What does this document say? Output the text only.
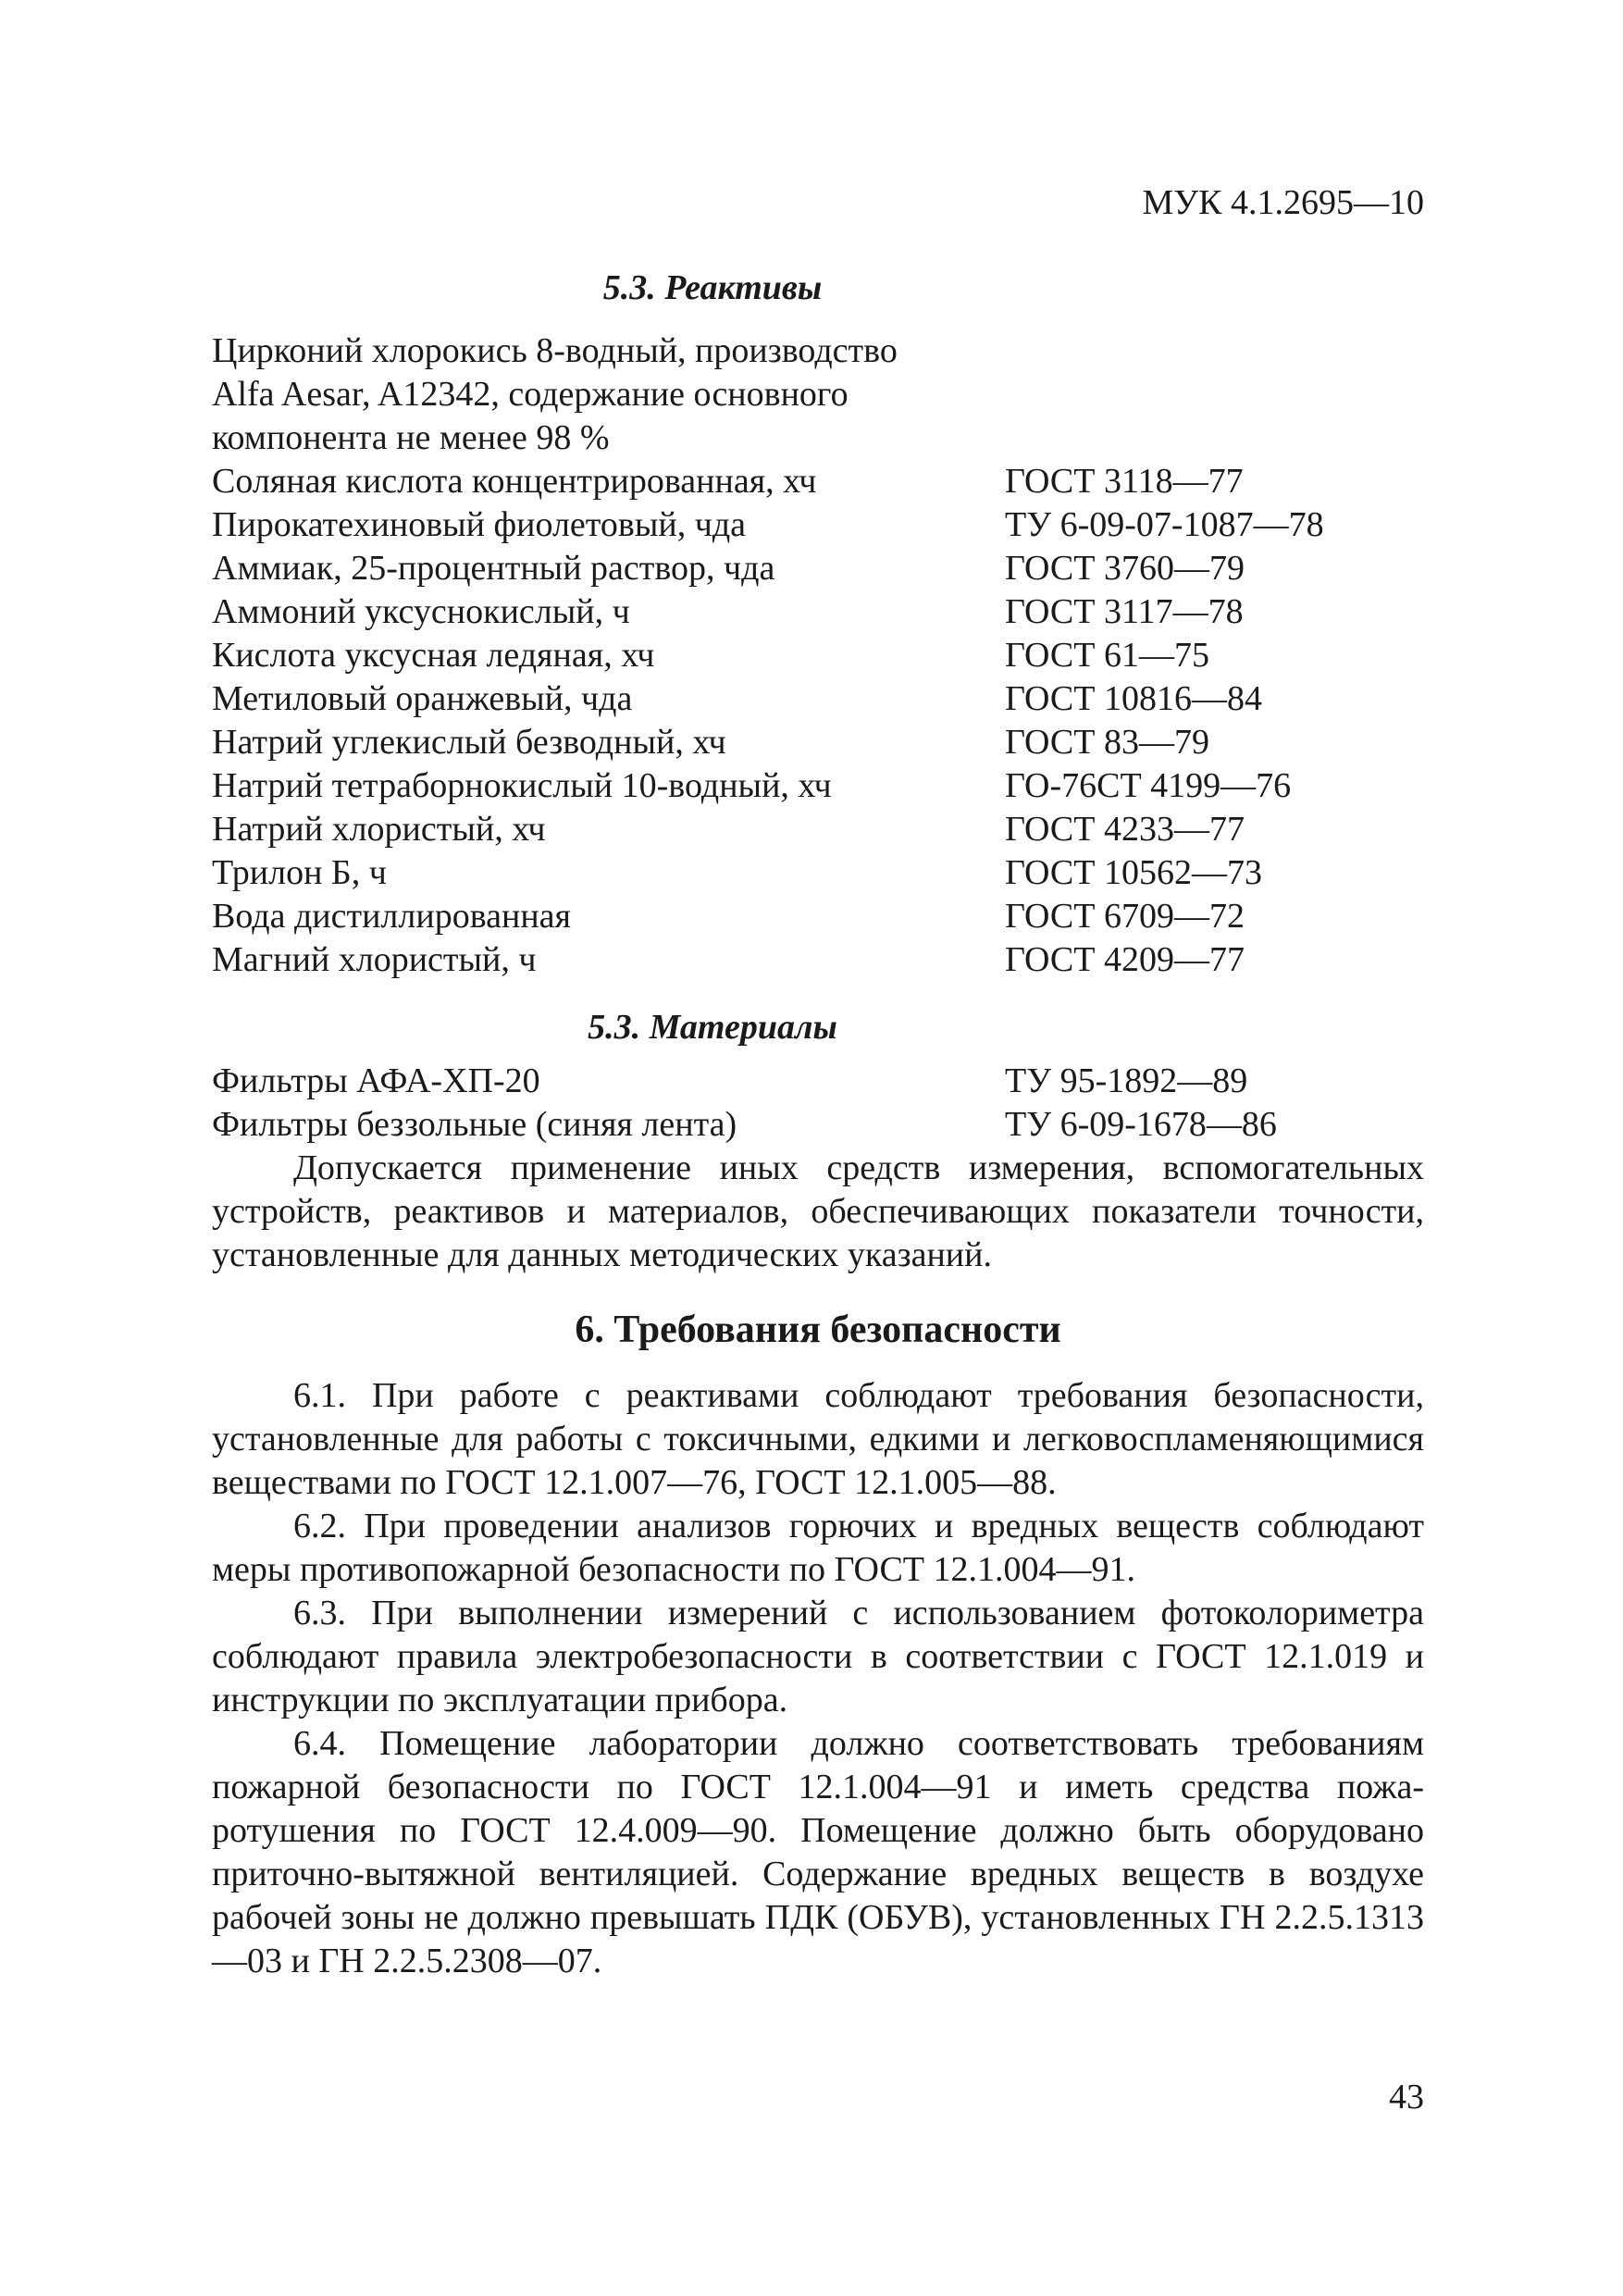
МУК 4.1.2695—10
5.3. Реактивы
Цирконий хлорокись 8-водный, производство
Alfa Aesar, A12342, содержание основного
компонента не менее 98 %
Соляная кислота концентрированная, хч	ГОСТ 3118—77
Пирокатехиновый фиолетовый, чда	ТУ 6-09-07-1087—78
Аммиак, 25-процентный раствор, чда	ГОСТ 3760—79
Аммоний уксуснокислый, ч	ГОСТ 3117—78
Кислота уксусная ледяная, хч	ГОСТ 61—75
Метиловый оранжевый, чда	ГОСТ 10816—84
Натрий углекислый безводный, хч	ГОСТ 83—79
Натрий тетраборнокислый 10-водный, хч	ГО-76СТ 4199—76
Натрий хлористый, хч	ГОСТ 4233—77
Трилон Б, ч	ГОСТ 10562—73
Вода дистиллированная	ГОСТ 6709—72
Магний хлористый, ч	ГОСТ 4209—77
5.3. Материалы
Фильтры АФА-ХП-20	ТУ 95-1892—89
Фильтры беззольные (синяя лента)	ТУ 6-09-1678—86

Допускается применение иных средств измерения, вспомогательных устройств, реактивов и материалов, обеспечивающих показатели точности, установленные для данных методических указаний.

6. Требования безопасности

6.1. При работе с реактивами соблюдают требования безопасности, установленные для работы с токсичными, едкими и легковоспламеняющимися веществами по ГОСТ 12.1.007—76, ГОСТ 12.1.005—88.

6.2. При проведении анализов горючих и вредных веществ соблюдают меры противопожарной безопасности по ГОСТ 12.1.004—91.

6.3. При выполнении измерений с использованием фотоколориметра соблюдают правила электробезопасности в соответствии с ГОСТ 12.1.019 и инструкции по эксплуатации прибора.

6.4. Помещение лаборатории должно соответствовать требованиям пожарной безопасности по ГОСТ 12.1.004—91 и иметь средства пожаротушения по ГОСТ 12.4.009—90. Помещение должно быть оборудовано приточно-вытяжной вентиляцией. Содержание вредных веществ в воздухе рабочей зоны не должно превышать ПДК (ОБУВ), установленных ГН 2.2.5.1313—03 и ГН 2.2.5.2308—07.

43
